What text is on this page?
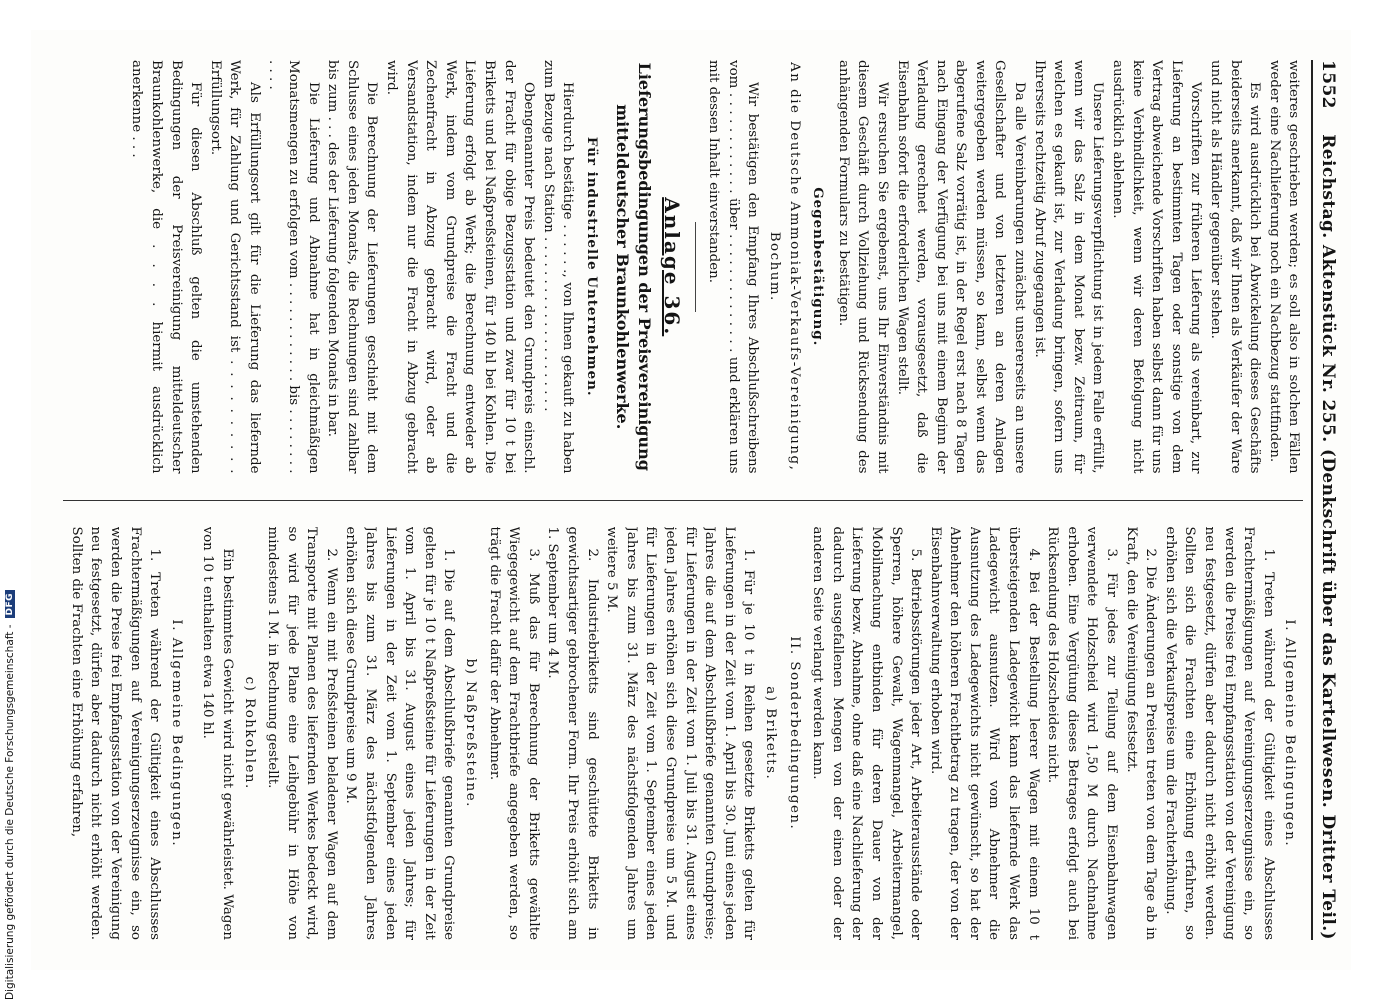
1552
Reichstag. Aktenstück Nr. 255. (Denkschrift über das Kartellwesen. Dritter Teil.)

weiteres geschrieben werden; es soll also in solchen Fällen weder eine Nachlieferung noch ein Nachbezug stattfinden.

Es wird ausdrücklich bei Abwickelung dieses Geschäfts beiderseits anerkannt, daß wir Ihnen als Verkäufer der Ware und nicht als Händler gegenüber stehen.

Vorschriften zur früheren Lieferung als vereinbart, zur Lieferung an bestimmten Tagen oder sonstige von dem Vertrag abweichende Vorschriften haben selbst dann für uns keine Verbindlichkeit, wenn wir deren Befolgung nicht ausdrücklich ablehnen.

Unsere Lieferungsverpflichtung ist in jedem Falle erfüllt, wenn wir das Salz in dem Monat bezw. Zeitraum, für welchen es gekauft ist, zur Verladung bringen, sofern uns Ihrerseits rechtzeitig Abruf zugegangen ist.

Da alle Vereinbarungen zunächst unsererseits an unsere Gesellschafter und von letzteren an deren Anlagen weitergegeben werden müssen, so kann, selbst wenn das abgerufene Salz vorrätig ist, in der Regel erst nach 8 Tagen nach Eingang der Verfügung bei uns mit einem Beginn der Verladung gerechnet werden, vorausgesetzt, daß die Eisenbahn sofort die erforderlichen Wagen stellt.

Wir ersuchen Sie ergebenst, uns Ihr Einverständnis mit diesem Geschäft durch Vollziehung und Rücksendung des anhängenden Formulars zu bestätigen.

Gegenbestätigung.
An die Deutsche Ammoniak-Verkaufs-Vereinigung, Bochum.

Wir bestätigen den Empfang Ihres Abschlußschreibens vom . . . . . . . . . . . . über . . . . . . . . . . . . . . und erklären uns mit dessen Inhalt einverstanden.

Anlage 36.
Lieferungsbedingungen der Preisvereinigung mitteldeutscher Braunkohlenwerke.
Für industrielle Unternehmen.

Hierdurch bestätige . . . . . ., von Ihnen gekauft zu haben zum Bezuge nach Station . . . . . . . . . . . . . . . . . . . . .

Obengenannter Preis bedeutet den Grundpreis einschl. der Fracht für obige Bezugsstation und zwar für 10 t bei Briketts und bei Naßpreßsteinen, für 140 hl bei Kohlen. Die Lieferung erfolgt ab Werk; die Berechnung entweder ab Werk, indem vom Grundpreise die Fracht und die Zechenfracht in Abzug gebracht wird, oder ab Versandstation, indem nur die Fracht in Abzug gebracht wird.

Die Berechnung der Lieferungen geschieht mit dem Schlusse eines jeden Monats, die Rechnungen sind zahlbar bis zum . . . des der Lieferung folgenden Monats in bar.

Die Lieferung und Abnahme hat in gleichmäßigen Monatsmengen zu erfolgen vom . . . . . . . . . . . . bis . . . . . . . . . . . .

Als Erfüllungsort gilt für die Lieferung das liefernde Werk, für Zahlung und Gerichtsstand ist . . . . . . . . . . Erfüllungsort.

Für diesen Abschluß gelten die umstehenden Bedingungen der Preisvereinigung mitteldeutscher Braunkohlenwerke, die . . . . hiermit ausdrücklich anerkenne . . .

I. Allgemeine Bedingungen.

1. Treten während der Gültigkeit eines Abschlusses Frachtermäßigungen auf Vereinigungserzeugnisse ein, so werden die Preise frei Empfangsstation von der Vereinigung neu festgesetzt, dürfen aber dadurch nicht erhöht werden. Sollten sich die Frachten eine Erhöhung erfahren, so erhöhen sich die Verkaufspreise um die Frachterhöhung.

2. Die Änderungen an Preisen treten von dem Tage ab in Kraft, den die Vereinigung festsetzt.

3. Für jedes zur Teilung auf dem Eisenbahnwagen verwendete Holzscheid wird 1,50 M durch Nachnahme erhoben. Eine Vergütung dieses Betrages erfolgt auch bei Rücksendung des Holzscheides nicht.

4. Bei der Bestellung leerer Wagen mit einem 10 t übersteigenden Ladegewicht kann das liefernde Werk das Ladegewicht ausnutzen. Wird vom Abnehmer die Ausnutzung des Ladegewichts nicht gewünscht, so hat der Abnehmer den höheren Frachtbetrag zu tragen, der von der Eisenbahnverwaltung erhoben wird.

5. Betriebsstörungen jeder Art, Arbeiterausstände oder Sperren, höhere Gewalt, Wagenmangel, Arbeitermangel, Mobilmachung entbinden für deren Dauer von der Lieferung bezw. Abnahme, ohne daß eine Nachlieferung der dadurch ausgefallenen Mengen von der einen oder der anderen Seite verlangt werden kann.

II. Sonderbedingungen.
a) Briketts.

1. Für je 10 t in Reihen gesetzte Briketts gelten für Lieferungen in der Zeit vom 1. April bis 30. Juni eines jeden Jahres die auf dem Abschlußbriefe genannten Grundpreise; für Lieferungen in der Zeit vom 1. Juli bis 31. August eines jeden Jahres erhöhen sich diese Grundpreise um 5 M. und für Lieferungen in der Zeit vom 1. September eines jeden Jahres bis zum 31. März des nächstfolgenden Jahres um weitere 5 M.

2. Industriebriketts sind geschüttete Briketts in gewichtsartiger gebrochener Form. Ihr Preis erhöht sich am 1. September um 4 M.

3. Muß das für Berechnung der Briketts gewählte Wiegegewicht auf dem Frachtbriefe angegeben werden, so trägt die Fracht dafür der Abnehmer.

b) Naßpreßsteine.

1. Die auf dem Abschlußbriefe genannten Grundpreise gelten für je 10 t Naßpreßsteine für Lieferungen in der Zeit vom 1. April bis 31. August eines jeden Jahres; für Lieferungen in der Zeit vom 1. September eines jeden Jahres bis zum 31. März des nächstfolgenden Jahres erhöhen sich diese Grundpreise um 9 M.

2. Wenn ein mit Preßsteinen beladener Wagen auf dem Transporte mit Planen des liefernden Werkes bedeckt wird, so wird für jede Plane eine Leihgebühr in Höhe von mindestens 1 M. in Rechnung gestellt.

c) Rohkohlen.

Ein bestimmtes Gewicht wird nicht gewährleistet. Wagen von 10 t enthalten etwa 140 hl.

I. Allgemeine Bedingungen.

1. Treten während der Gültigkeit eines Abschlusses Frachtermäßigungen auf Vereinigungserzeugnisse ein, so werden die Preise frei Empfangsstation von der Vereinigung neu festgesetzt, dürfen aber dadurch nicht erhöht werden. Sollten die Frachten eine Erhöhung erfahren,

Digitalisierung gefördert durch die Deutsche Forschungsgemeinschaft -
DFG
